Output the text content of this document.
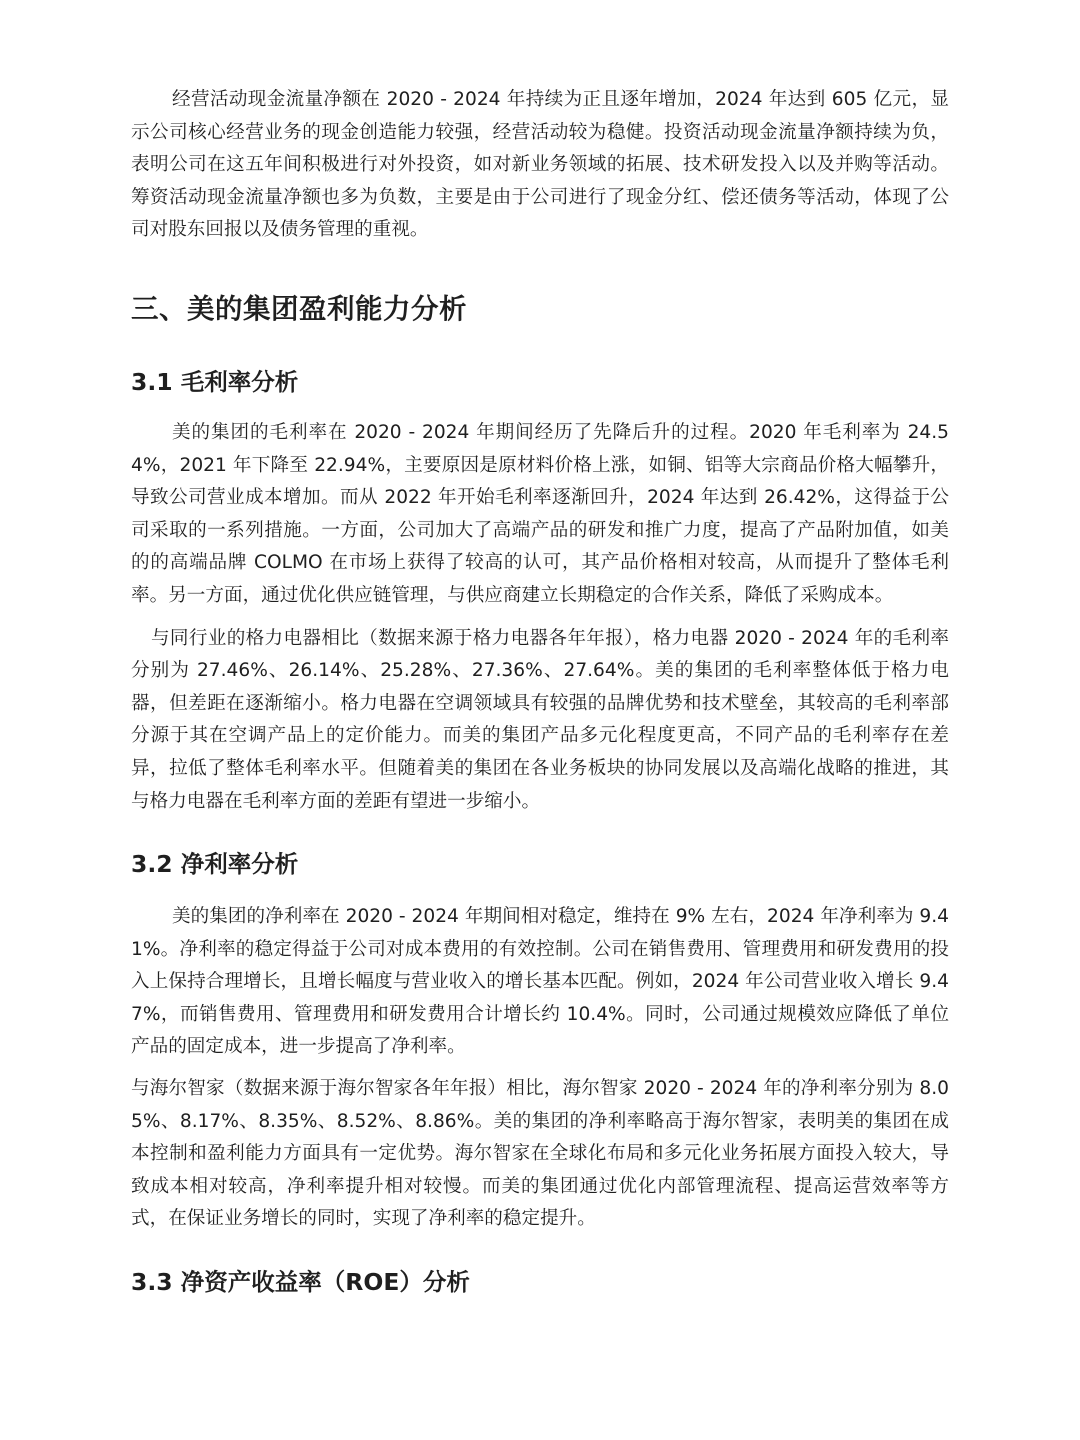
经营活动现金流量净额在 2020 - 2024 年持续为正且逐年增加，2024 年达到 605 亿元，显示公司核心经营业务的现金创造能力较强，经营活动较为稳健。投资活动现金流量净额持续为负，表明公司在这五年间积极进行对外投资，如对新业务领域的拓展、技术研发投入以及并购等活动。筹资活动现金流量净额也多为负数，主要是由于公司进行了现金分红、偿还债务等活动，体现了公司对股东回报以及债务管理的重视。

三、美的集团盈利能力分析
3.1 毛利率分析

美的集团的毛利率在 2020 - 2024 年期间经历了先降后升的过程。2020 年毛利率为 24.54%，2021 年下降至 22.94%，主要原因是原材料价格上涨，如铜、铝等大宗商品价格大幅攀升，导致公司营业成本增加。而从 2022 年开始毛利率逐渐回升，2024 年达到 26.42%，这得益于公司采取的一系列措施。一方面，公司加大了高端产品的研发和推广力度，提高了产品附加值，如美的的高端品牌 COLMO 在市场上获得了较高的认可，其产品价格相对较高，从而提升了整体毛利率。另一方面，通过优化供应链管理，与供应商建立长期稳定的合作关系，降低了采购成本。

与同行业的格力电器相比（数据来源于格力电器各年年报），格力电器 2020 - 2024 年的毛利率分别为 27.46%、26.14%、25.28%、27.36%、27.64%。美的集团的毛利率整体低于格力电器，但差距在逐渐缩小。格力电器在空调领域具有较强的品牌优势和技术壁垒，其较高的毛利率部分源于其在空调产品上的定价能力。而美的集团产品多元化程度更高，不同产品的毛利率存在差异，拉低了整体毛利率水平。但随着美的集团在各业务板块的协同发展以及高端化战略的推进，其与格力电器在毛利率方面的差距有望进一步缩小。

3.2 净利率分析

美的集团的净利率在 2020 - 2024 年期间相对稳定，维持在 9% 左右，2024 年净利率为 9.41%。净利率的稳定得益于公司对成本费用的有效控制。公司在销售费用、管理费用和研发费用的投入上保持合理增长，且增长幅度与营业收入的增长基本匹配。例如，2024 年公司营业收入增长 9.47%，而销售费用、管理费用和研发费用合计增长约 10.4%。同时，公司通过规模效应降低了单位产品的固定成本，进一步提高了净利率。

与海尔智家（数据来源于海尔智家各年年报）相比，海尔智家 2020 - 2024 年的净利率分别为 8.05%、8.17%、8.35%、8.52%、8.86%。美的集团的净利率略高于海尔智家，表明美的集团在成本控制和盈利能力方面具有一定优势。海尔智家在全球化布局和多元化业务拓展方面投入较大，导致成本相对较高，净利率提升相对较慢。而美的集团通过优化内部管理流程、提高运营效率等方式，在保证业务增长的同时，实现了净利率的稳定提升。

3.3 净资产收益率（ROE）分析
